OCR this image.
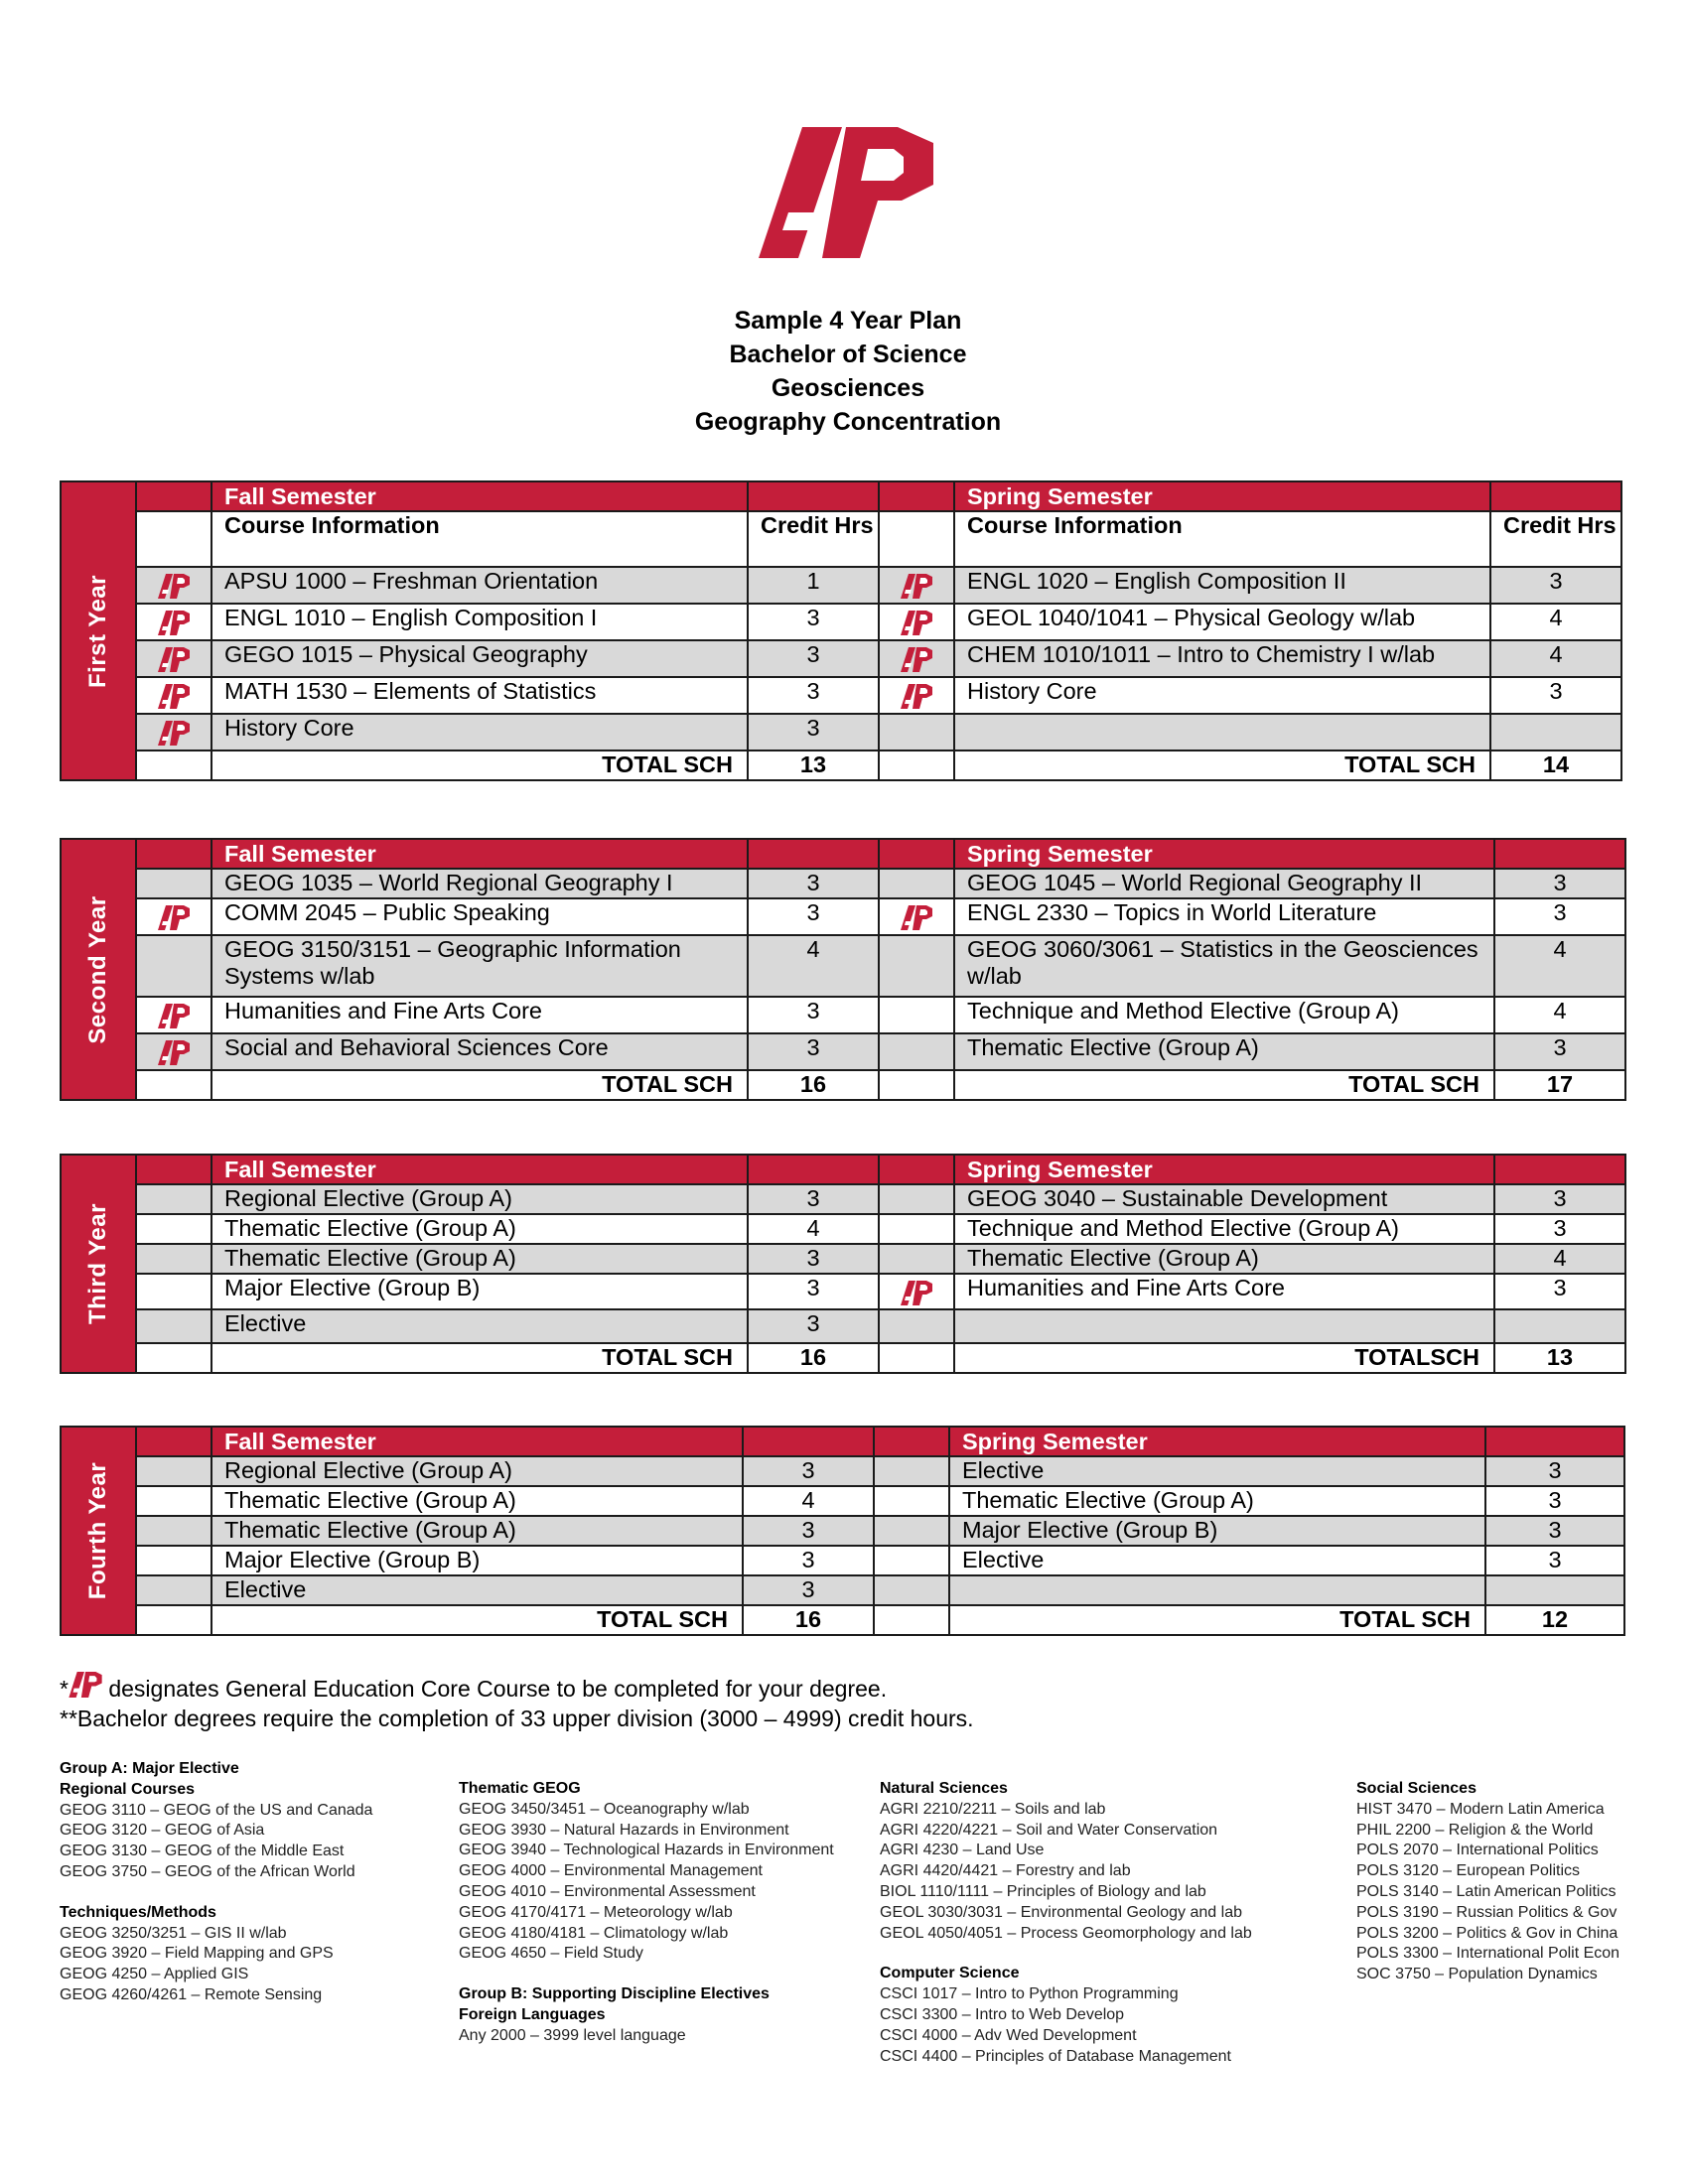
Sample 4 Year Plan
Bachelor of Science
Geosciences
Geography Concentration
First Year		Fall Semester			Spring Semester	
		Course Information	Credit Hrs		Course Information	Credit Hrs
	APSU 1000 – Freshman Orientation	1		ENGL 1020 – English Composition II	3
	ENGL 1010 – English Composition I	3		GEOL 1040/1041 – Physical Geology w/lab	4
	GEGO 1015 – Physical Geography	3		CHEM 1010/1011 – Intro to Chemistry I w/lab	4
	MATH 1530 – Elements of Statistics	3		History Core	3
	History Core	3			
		TOTAL SCH	13		TOTAL SCH	14
Second Year		Fall Semester			Spring Semester	
		GEOG 1035 – World Regional Geography I	3		GEOG 1045 – World Regional Geography II	3
	COMM 2045 – Public Speaking	3		ENGL 2330 – Topics in World Literature	3
		GEOG 3150/3151 – Geographic Information Systems w/lab	4		GEOG 3060/3061 – Statistics in the Geosciences w/lab	4
	Humanities and Fine Arts Core	3		Technique and Method Elective (Group A)	4
	Social and Behavioral Sciences Core	3		Thematic Elective (Group A)	3
		TOTAL SCH	16		TOTAL SCH	17
Third Year		Fall Semester			Spring Semester	
		Regional Elective (Group A)	3		GEOG 3040 – Sustainable Development	3
		Thematic Elective (Group A)	4		Technique and Method Elective (Group A)	3
		Thematic Elective (Group A)	3		Thematic Elective (Group A)	4
		Major Elective (Group B)	3		Humanities and Fine Arts Core	3
		Elective	3			
		TOTAL SCH	16		TOTALSCH	13
Fourth Year		Fall Semester			Spring Semester	
		Regional Elective (Group A)	3		Elective	3
		Thematic Elective (Group A)	4		Thematic Elective (Group A)	3
		Thematic Elective (Group A)	3		Major Elective (Group B)	3
		Major Elective (Group B)	3		Elective	3
		Elective	3			
		TOTAL SCH	16		TOTAL SCH	12
* designates General Education Core Course to be completed for your degree.
**Bachelor degrees require the completion of 33 upper division (3000 – 4999) credit hours.
Group A: Major Elective
Regional Courses
GEOG 3110 – GEOG of the US and Canada
GEOG 3120 – GEOG of Asia
GEOG 3130 – GEOG of the Middle East
GEOG 3750 – GEOG of the African World
Techniques/Methods
GEOG 3250/3251 – GIS II w/lab
GEOG 3920 – Field Mapping and GPS
GEOG 4250 – Applied GIS
GEOG 4260/4261 – Remote Sensing
Thematic GEOG
GEOG 3450/3451 – Oceanography w/lab
GEOG 3930 – Natural Hazards in Environment
GEOG 3940 – Technological Hazards in Environment
GEOG 4000 – Environmental Management
GEOG 4010 – Environmental Assessment
GEOG 4170/4171 – Meteorology w/lab
GEOG 4180/4181 – Climatology w/lab
GEOG 4650 – Field Study
Group B: Supporting Discipline Electives
Foreign Languages
Any 2000 – 3999 level language
Natural Sciences
AGRI 2210/2211 – Soils and lab
AGRI 4220/4221 – Soil and Water Conservation
AGRI 4230 – Land Use
AGRI 4420/4421 – Forestry and lab
BIOL 1110/1111 – Principles of Biology and lab
GEOL 3030/3031 – Environmental Geology and lab
GEOL 4050/4051 – Process Geomorphology and lab
Computer Science
CSCI 1017 – Intro to Python Programming
CSCI 3300 – Intro to Web Develop
CSCI 4000 – Adv Wed Development
CSCI 4400 – Principles of Database Management
Social Sciences
HIST 3470 – Modern Latin America
PHIL 2200 – Religion & the World
POLS 2070 – International Politics
POLS 3120 – European Politics
POLS 3140 – Latin American Politics
POLS 3190 – Russian Politics & Gov
POLS 3200 – Politics & Gov in China
POLS 3300 – International Polit Econ
SOC 3750 – Population Dynamics
